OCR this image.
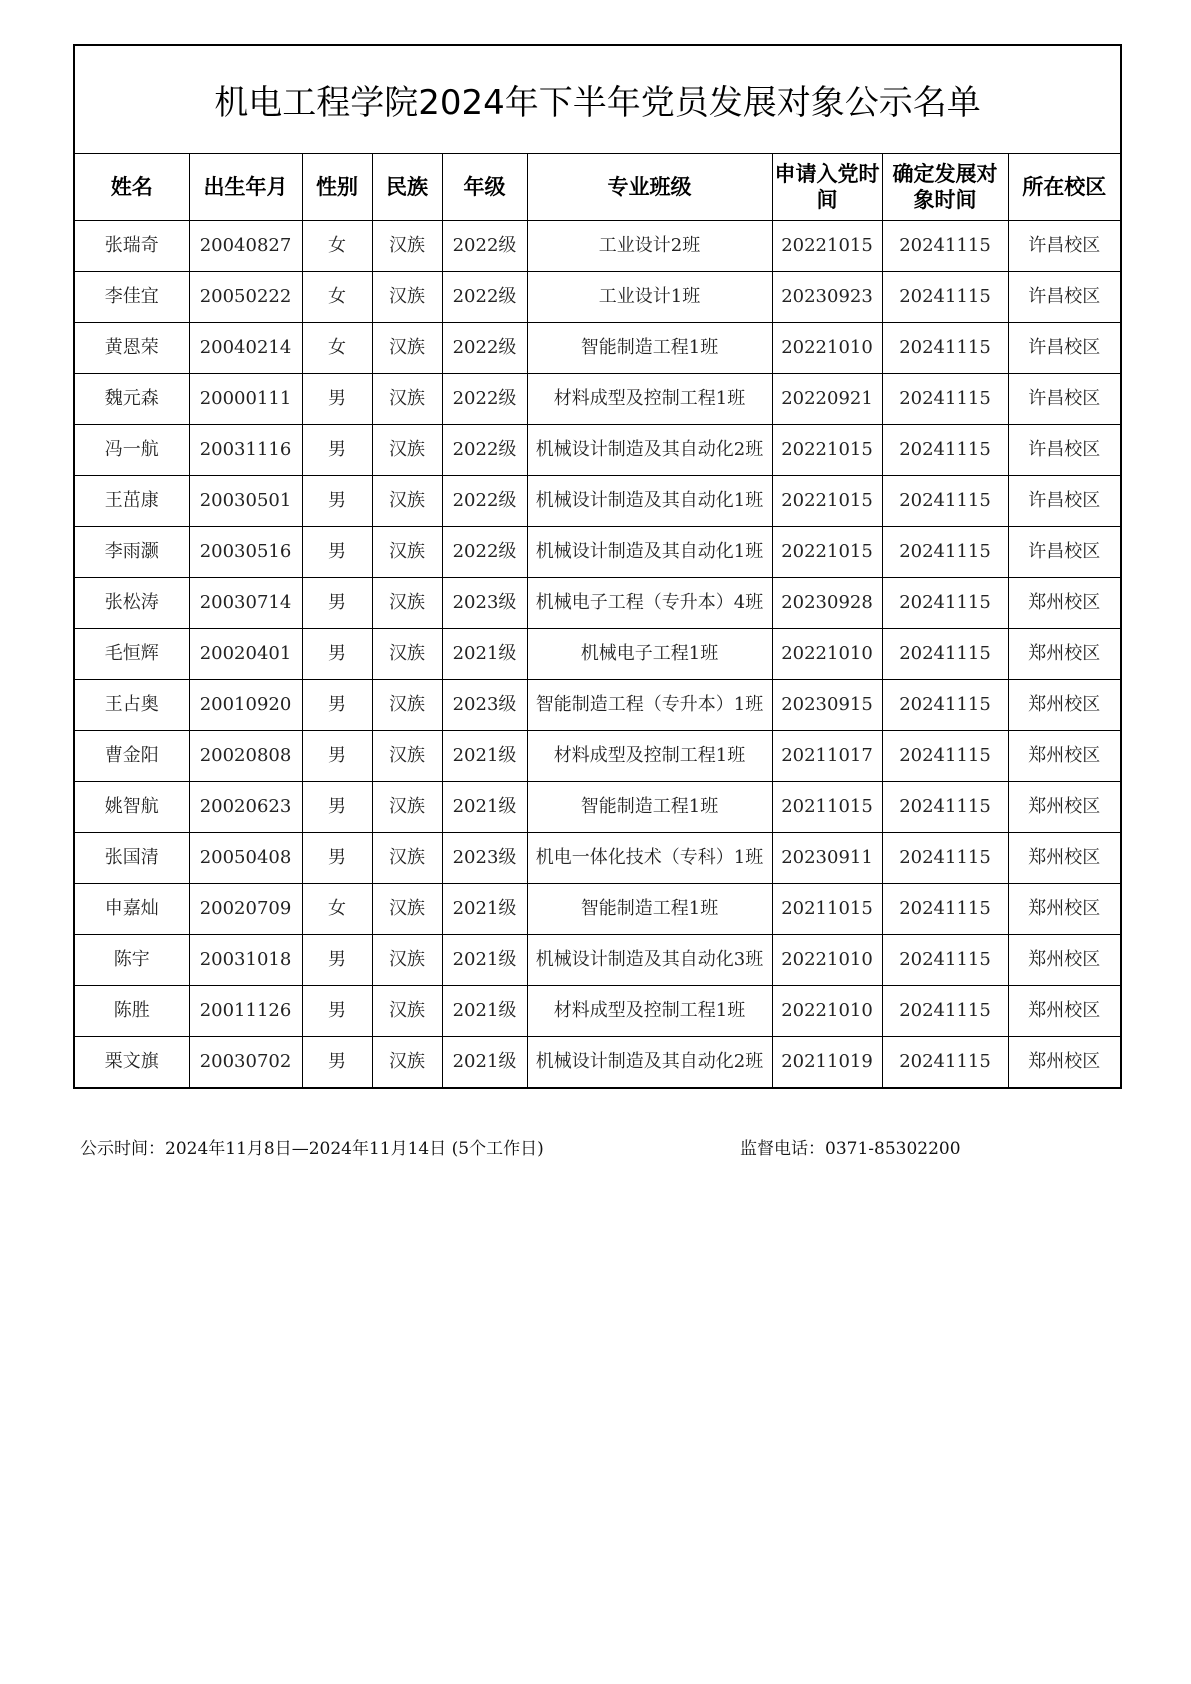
机电工程学院2024年下半年党员发展对象公示名单								
姓名	出生年月	性别	民族	年级	专业班级	申请入党时间	确定发展对象时间	所在校区
张瑞奇	20040827	女	汉族	2022级	工业设计2班	20221015	20241115	许昌校区
李佳宜	20050222	女	汉族	2022级	工业设计1班	20230923	20241115	许昌校区
黄恩荣	20040214	女	汉族	2022级	智能制造工程1班	20221010	20241115	许昌校区
魏元森	20000111	男	汉族	2022级	材料成型及控制工程1班	20220921	20241115	许昌校区
冯一航	20031116	男	汉族	2022级	机械设计制造及其自动化2班	20221015	20241115	许昌校区
王茁康	20030501	男	汉族	2022级	机械设计制造及其自动化1班	20221015	20241115	许昌校区
李雨灏	20030516	男	汉族	2022级	机械设计制造及其自动化1班	20221015	20241115	许昌校区
张松涛	20030714	男	汉族	2023级	机械电子工程（专升本）4班	20230928	20241115	郑州校区
毛恒辉	20020401	男	汉族	2021级	机械电子工程1班	20221010	20241115	郑州校区
王占奥	20010920	男	汉族	2023级	智能制造工程（专升本）1班	20230915	20241115	郑州校区
曹金阳	20020808	男	汉族	2021级	材料成型及控制工程1班	20211017	20241115	郑州校区
姚智航	20020623	男	汉族	2021级	智能制造工程1班	20211015	20241115	郑州校区
张国清	20050408	男	汉族	2023级	机电一体化技术（专科）1班	20230911	20241115	郑州校区
申嘉灿	20020709	女	汉族	2021级	智能制造工程1班	20211015	20241115	郑州校区
陈宇	20031018	男	汉族	2021级	机械设计制造及其自动化3班	20221010	20241115	郑州校区
陈胜	20011126	男	汉族	2021级	材料成型及控制工程1班	20221010	20241115	郑州校区
栗文旗	20030702	男	汉族	2021级	机械设计制造及其自动化2班	20211019	20241115	郑州校区
公示时间：2024年11月8日—2024年11月14日 (5个工作日)	监督电话：0371-85302200
